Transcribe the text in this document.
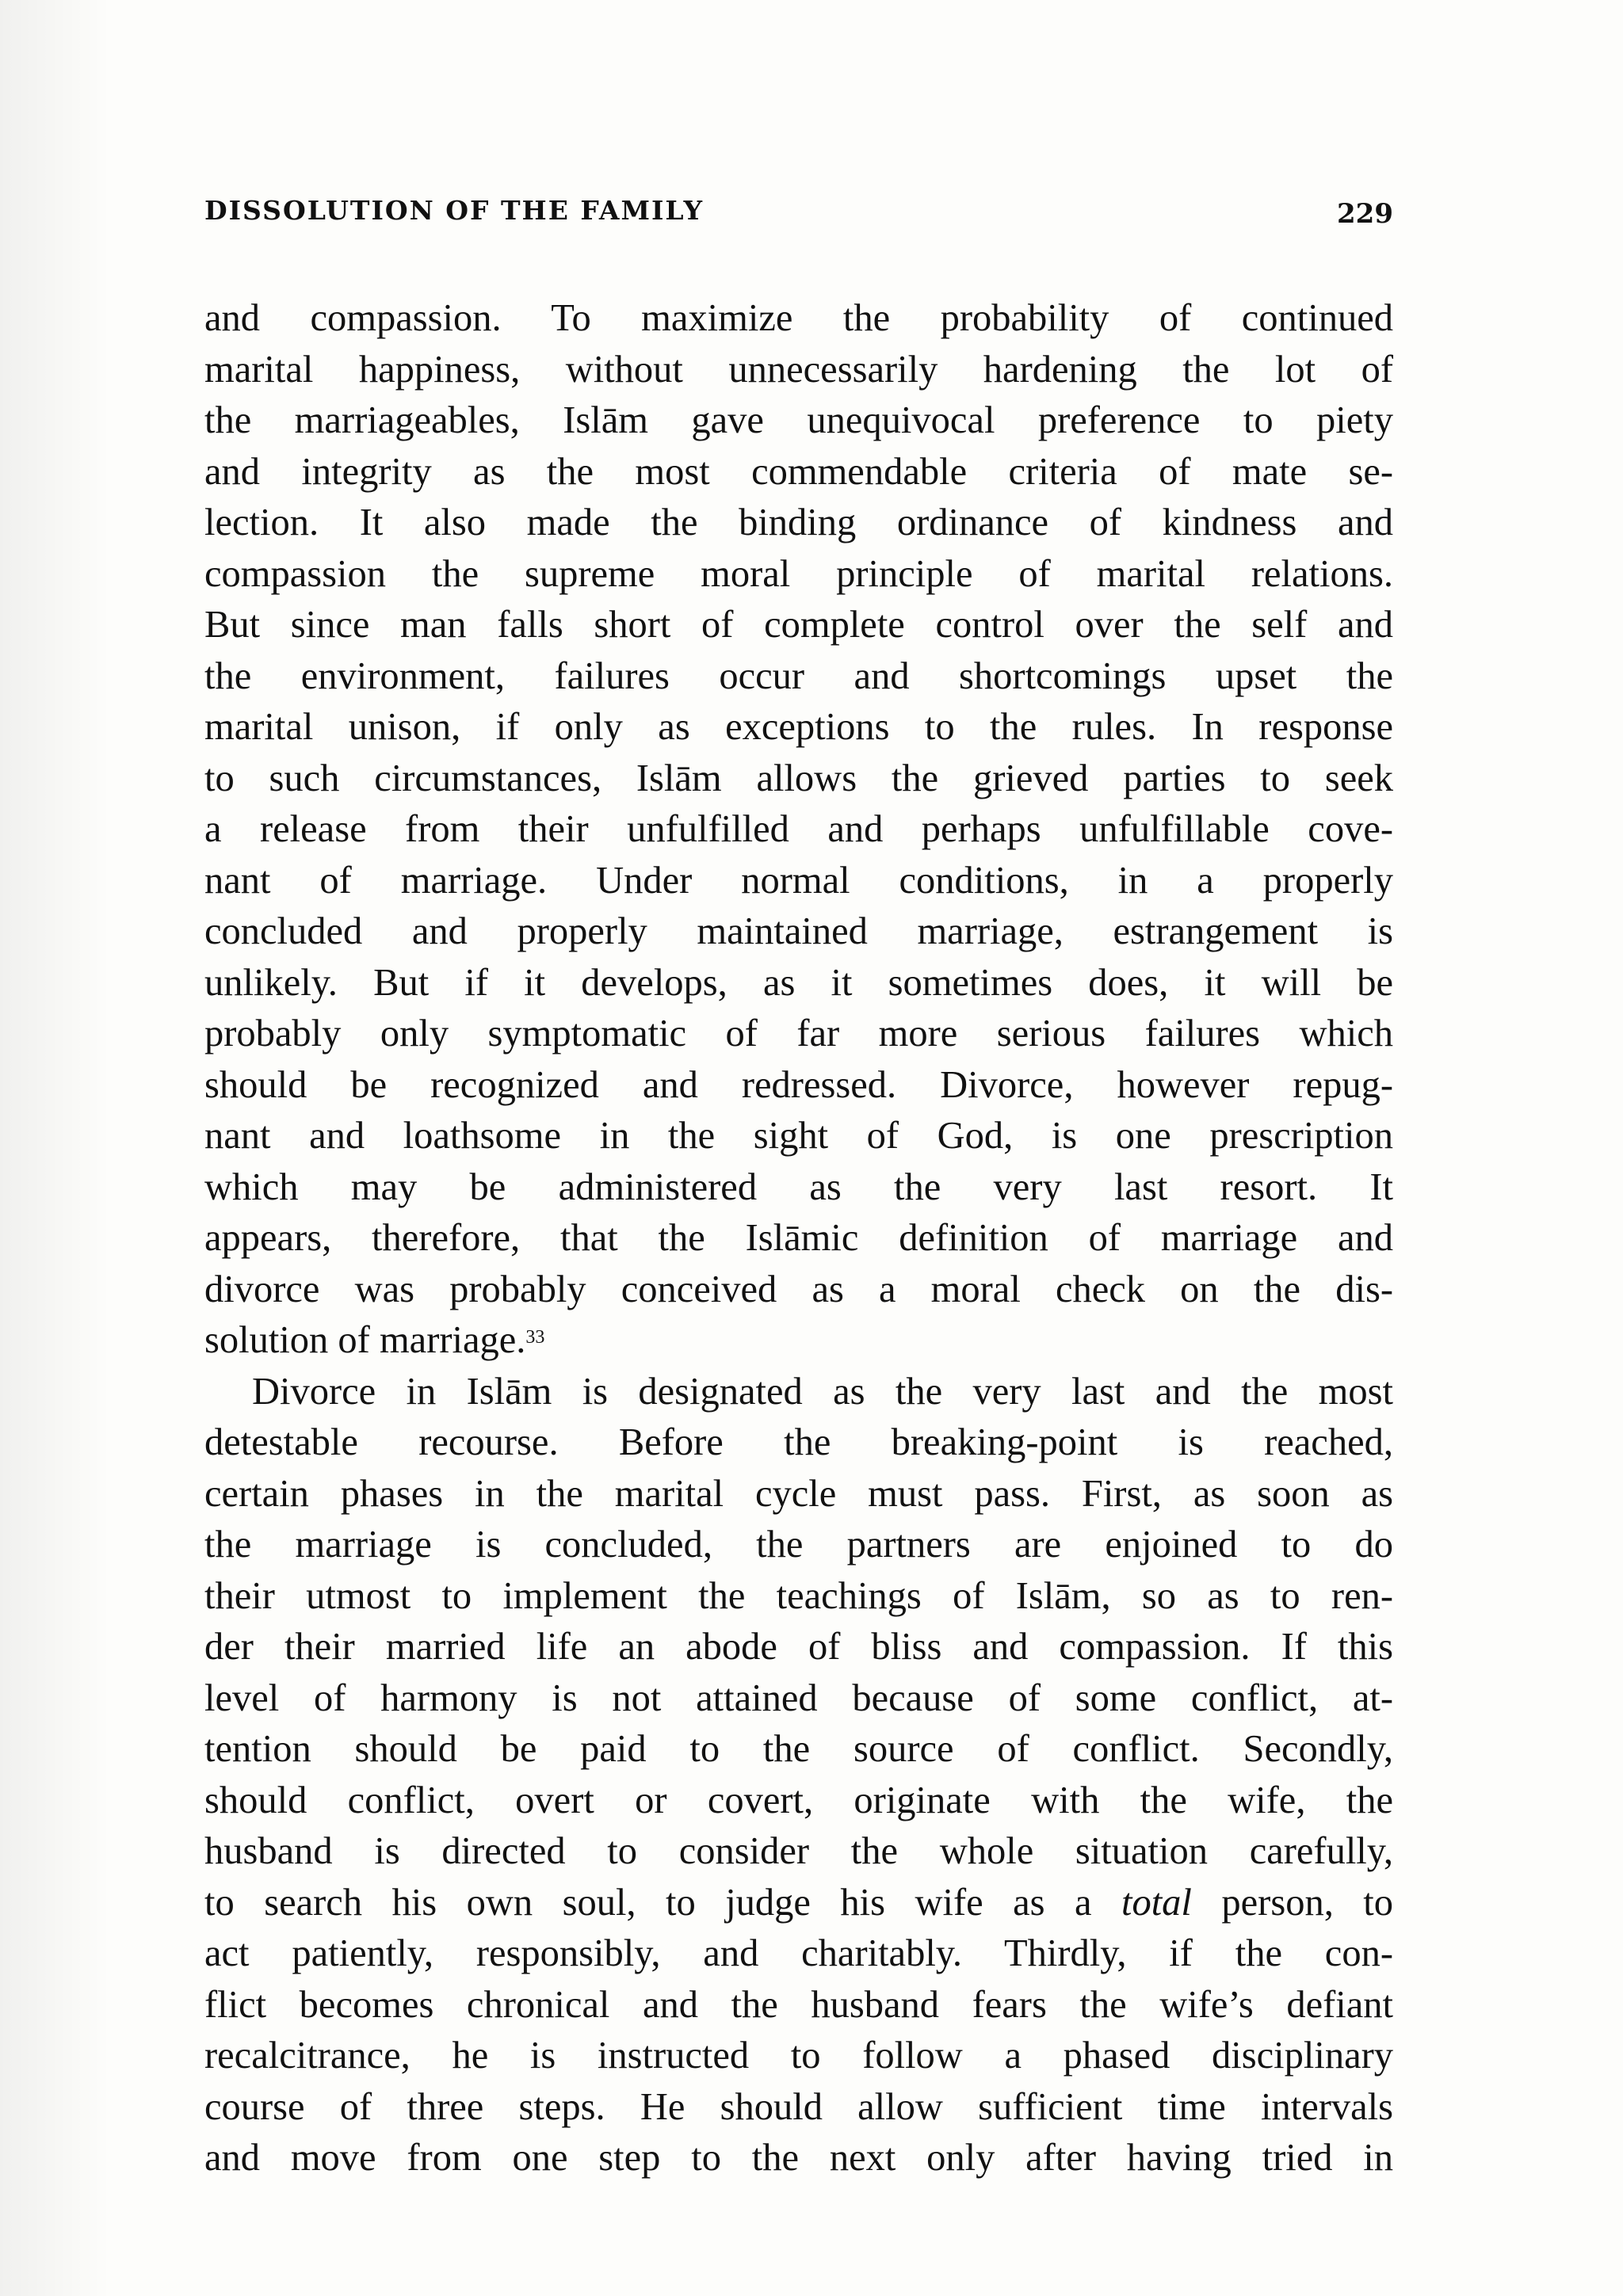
DISSOLUTION OF THE FAMILY	229
and compassion. To maximize the probability of continued
marital happiness, without unnecessarily hardening the lot of
the marriageables, Islām gave unequivocal preference to piety
and integrity as the most commendable criteria of mate se-
lection. It also made the binding ordinance of kindness and
compassion the supreme moral principle of marital relations.
But since man falls short of complete control over the self and
the environment, failures occur and shortcomings upset the
marital unison, if only as exceptions to the rules. In response
to such circumstances, Islām allows the grieved parties to seek
a release from their unfulfilled and perhaps unfulfillable cove-
nant of marriage. Under normal conditions, in a properly
concluded and properly maintained marriage, estrangement is
unlikely. But if it develops, as it sometimes does, it will be
probably only symptomatic of far more serious failures which
should be recognized and redressed. Divorce, however repug-
nant and loathsome in the sight of God, is one prescription
which may be administered as the very last resort. It
appears, therefore, that the Islāmic definition of marriage and
divorce was probably conceived as a moral check on the dis-
solution of marriage.$^{33}$
Divorce in Islām is designated as the very last and the most
detestable recourse. Before the breaking-point is reached,
certain phases in the marital cycle must pass. First, as soon as
the marriage is concluded, the partners are enjoined to do
their utmost to implement the teachings of Islām, so as to ren-
der their married life an abode of bliss and compassion. If this
level of harmony is not attained because of some conflict, at-
tention should be paid to the source of conflict. Secondly,
should conflict, overt or covert, originate with the wife, the
husband is directed to consider the whole situation carefully,
to search his own soul, to judge his wife as a total person, to
act patiently, responsibly, and charitably. Thirdly, if the con-
flict becomes chronical and the husband fears the wife’s defiant
recalcitrance, he is instructed to follow a phased disciplinary
course of three steps. He should allow sufficient time intervals
and move from one step to the next only after having tried in
